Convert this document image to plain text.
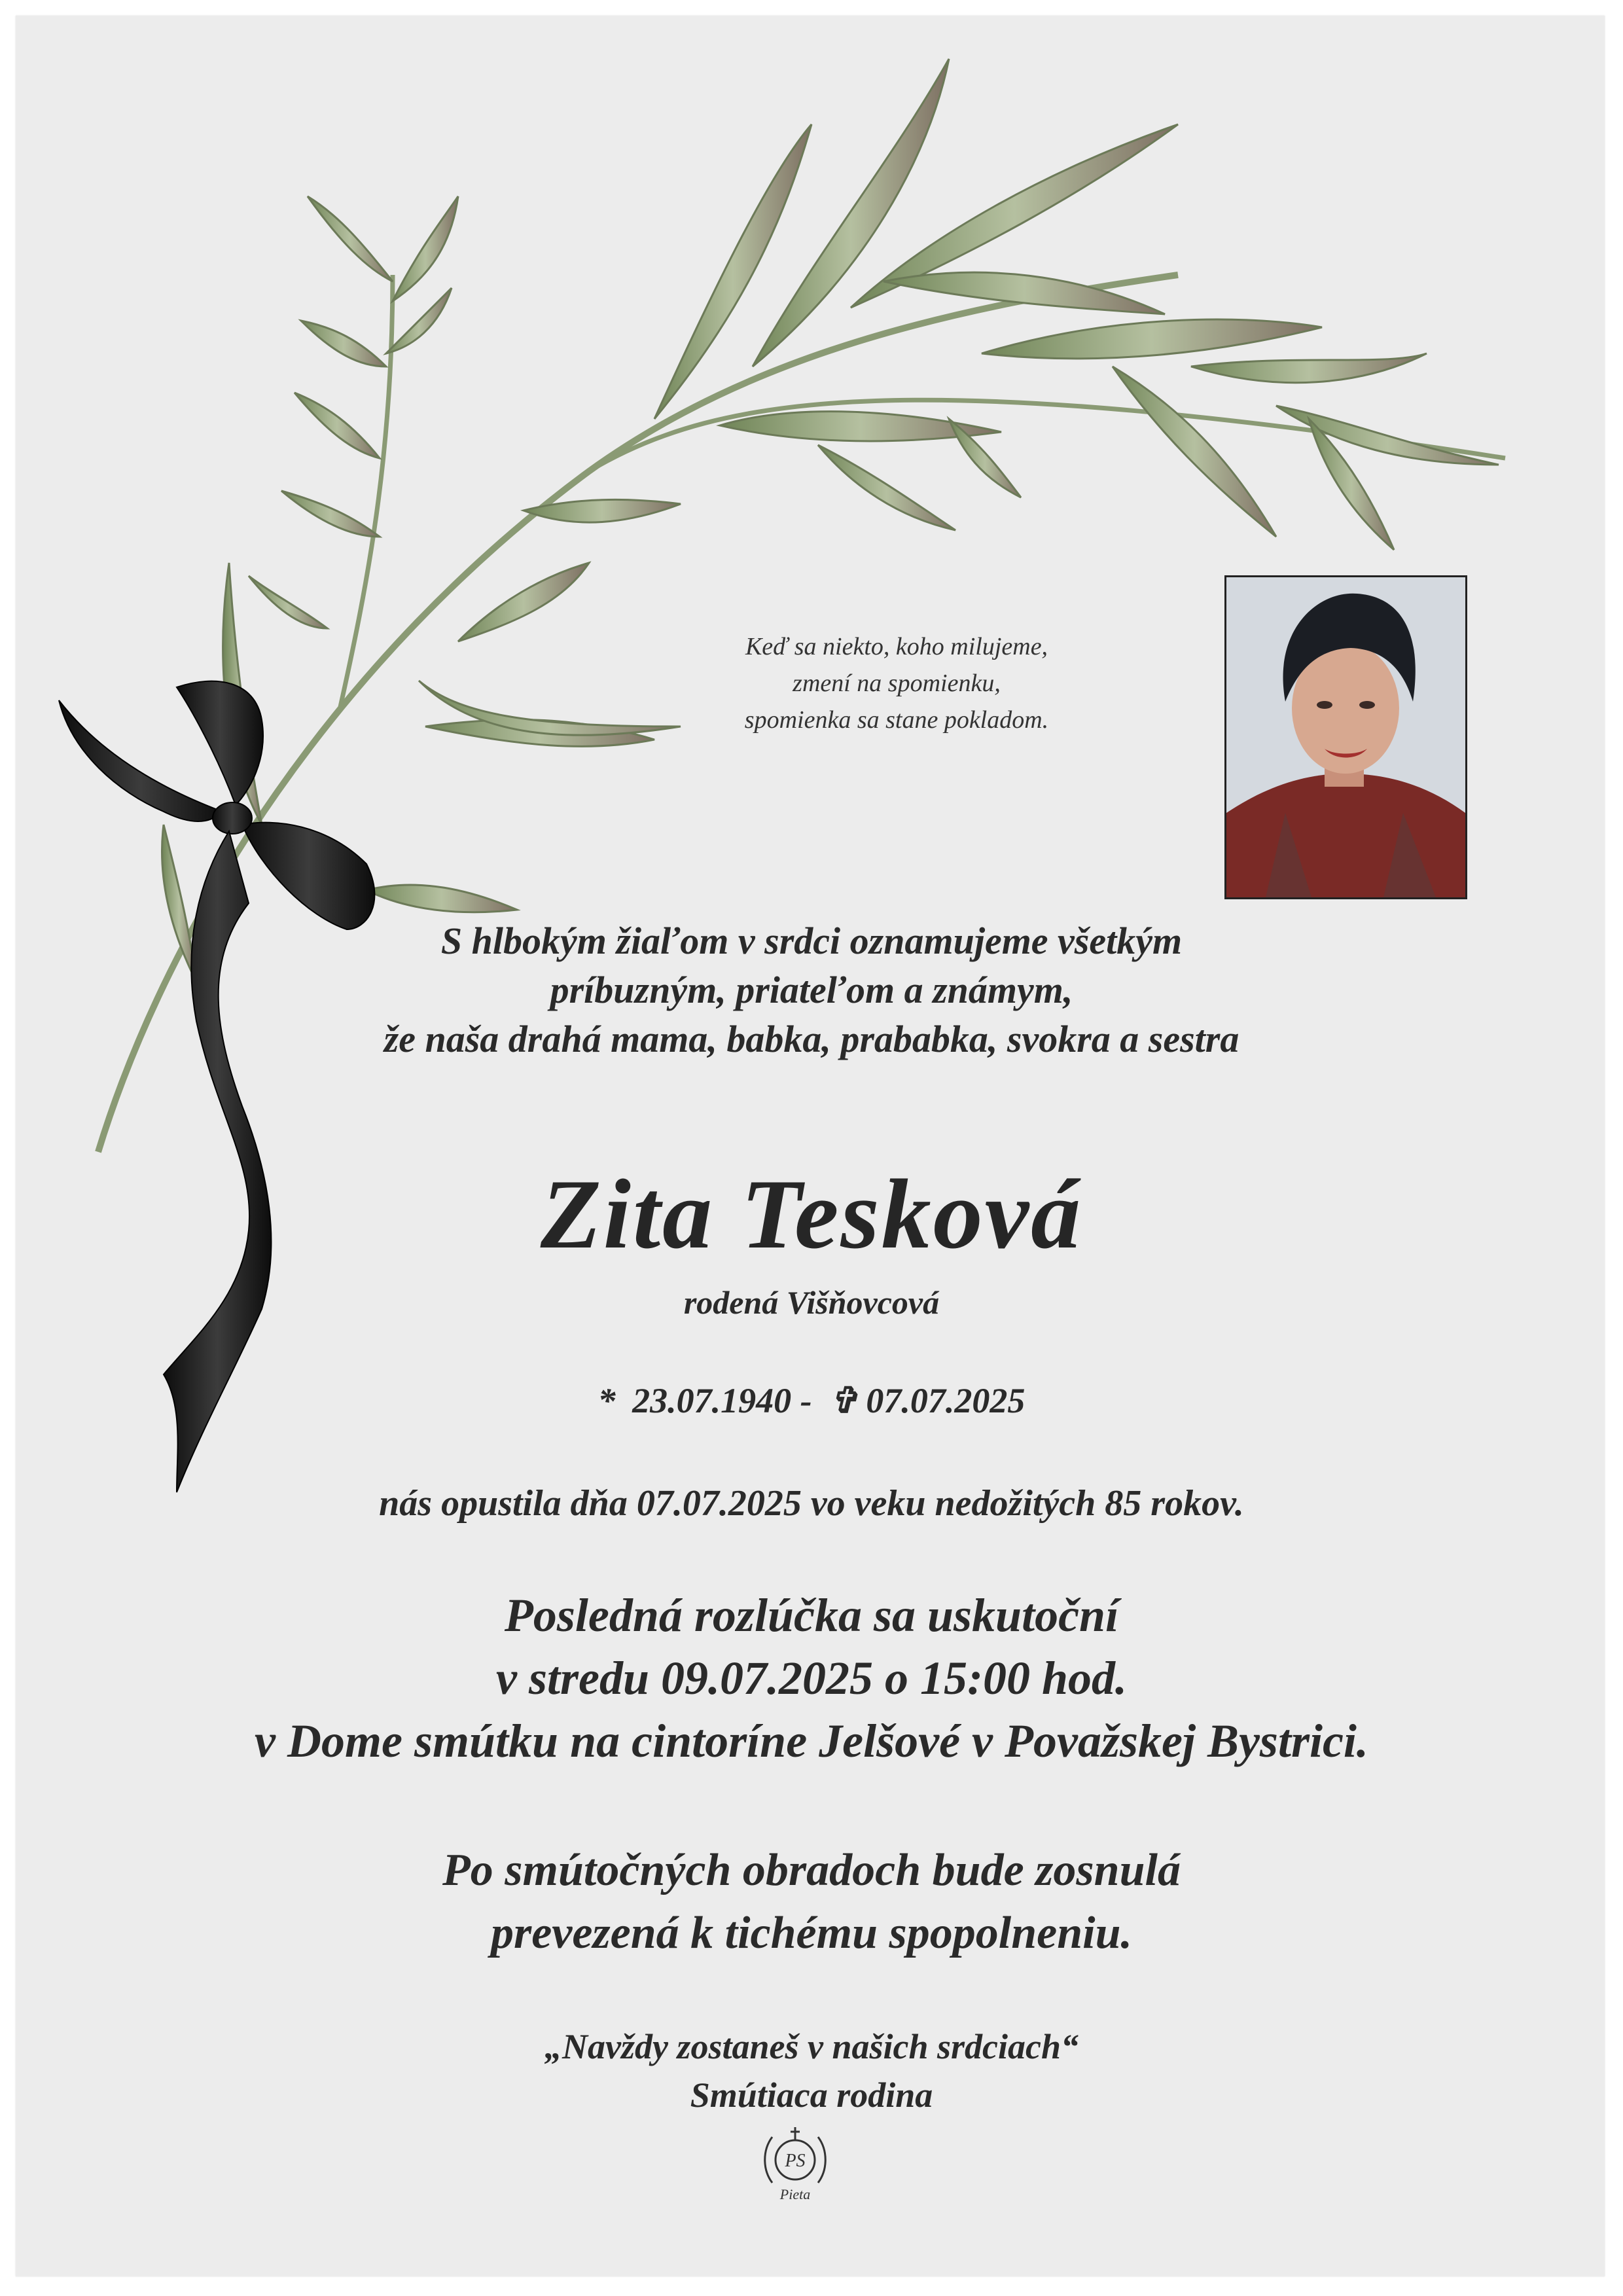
Keď sa niekto, koho milujeme,
zmení na spomienku,
spomienka sa stane pokladom.
S hlbokým žiaľom v srdci oznamujeme všetkým
príbuzným, priateľom a známym,
že naša drahá mama, babka, prababka, svokra a sestra
Zita Tesková
rodená Višňovcová
* 23.07.1940 - ✞ 07.07.2025
nás opustila dňa 07.07.2025 vo veku nedožitých 85 rokov.
Posledná rozlúčka sa uskutoční
v stredu 09.07.2025 o 15:00 hod.
v Dome smútku na cintoríne Jelšové v Považskej Bystrici.
Po smútočných obradoch bude zosnulá
prevezená k tichému spopolneniu.
„Navždy zostaneš v našich srdciach“
Smútiaca rodina
PS
Pieta
